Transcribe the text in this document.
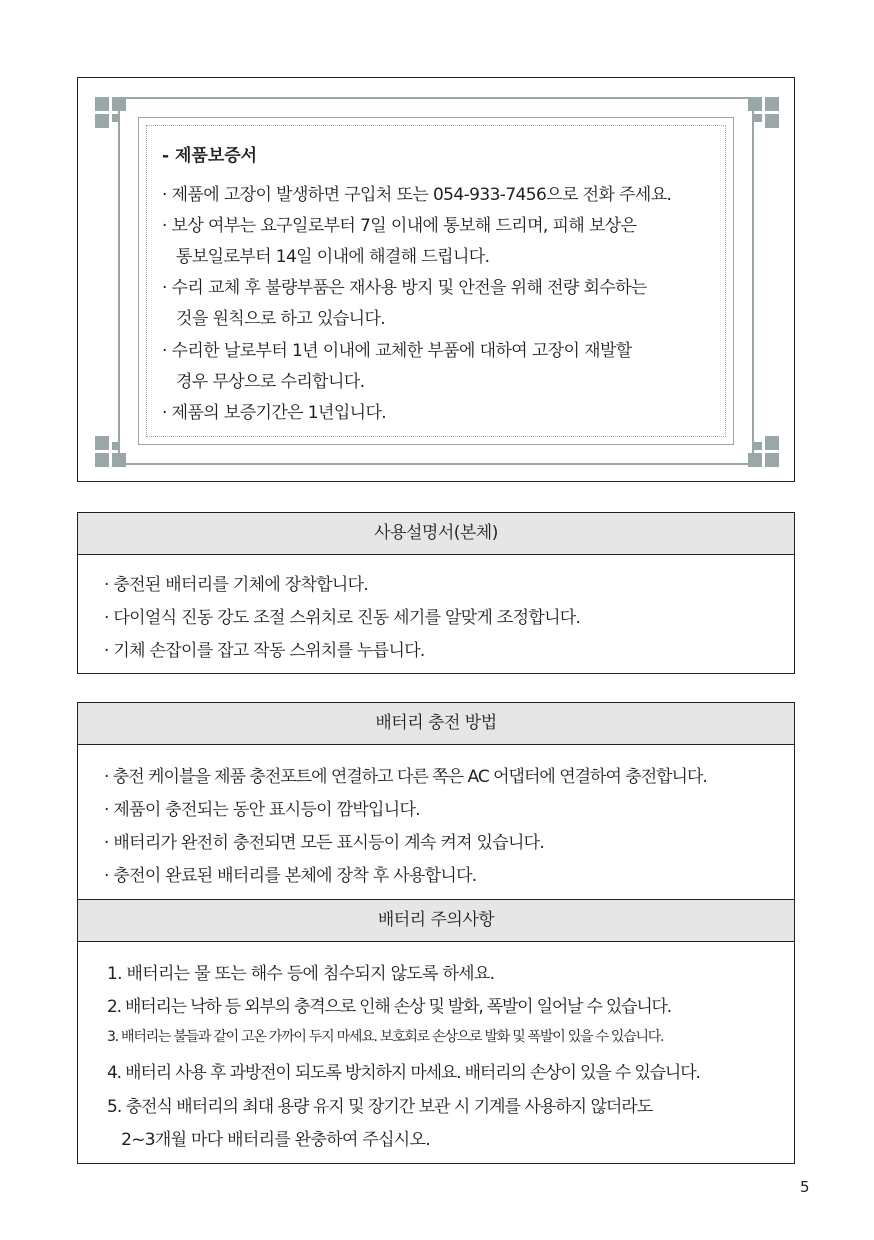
- 제품보증서
· 제품에 고장이 발생하면 구입처 또는 054-933-7456으로 전화 주세요.
· 보상 여부는 요구일로부터 7일 이내에 통보해 드리며, 피해 보상은
통보일로부터 14일 이내에 해결해 드립니다.
· 수리 교체 후 불량부품은 재사용 방지 및 안전을 위해 전량 회수하는
것을 원칙으로 하고 있습니다.
· 수리한 날로부터 1년 이내에 교체한 부품에 대하여 고장이 재발할
경우 무상으로 수리합니다.
· 제품의 보증기간은 1년입니다.
사용설명서(본체)
· 충전된 배터리를 기체에 장착합니다.
· 다이얼식 진동 강도 조절 스위치로 진동 세기를 알맞게 조정합니다.
· 기체 손잡이를 잡고 작동 스위치를 누릅니다.
배터리 충전 방법
배터리 주의사항
· 충전 케이블을 제품 충전포트에 연결하고 다른 쪽은 AC 어댑터에 연결하여 충전합니다.
· 제품이 충전되는 동안 표시등이 깜박입니다.
· 배터리가 완전히 충전되면 모든 표시등이 계속 켜져 있습니다.
· 충전이 완료된 배터리를 본체에 장착 후 사용합니다.
1. 배터리는 물 또는 해수 등에 침수되지 않도록 하세요.
2. 배터리는 낙하 등 외부의 충격으로 인해 손상 및 발화, 폭발이 일어날 수 있습니다.
3. 배터리는 불들과 같이 고온 가까이 두지 마세요. 보호회로 손상으로 발화 및 폭발이 있을 수 있습니다.
4. 배터리 사용 후 과방전이 되도록 방치하지 마세요. 배터리의 손상이 있을 수 있습니다.
5. 충전식 배터리의 최대 용량 유지 및 장기간 보관 시 기계를 사용하지 않더라도
2~3개월 마다 배터리를 완충하여 주십시오.
5
